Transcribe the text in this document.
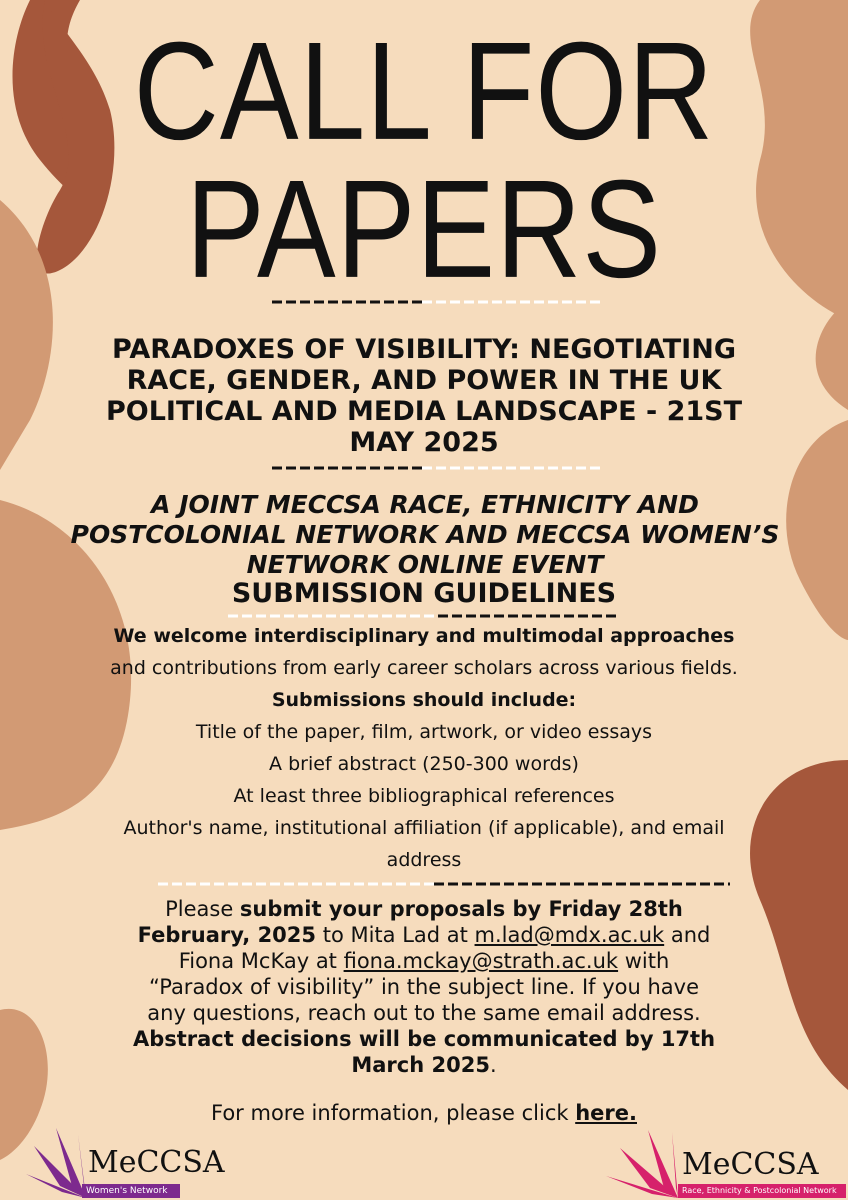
CALL FOR
PAPERS
PARADOXES OF VISIBILITY: NEGOTIATING RACE, GENDER, AND POWER IN THE UK POLITICAL AND MEDIA LANDSCAPE - 21ST MAY 2025
A JOINT MECCSA RACE, ETHNICITY AND POSTCOLONIAL NETWORK AND MECCSA WOMEN’S NETWORK ONLINE EVENT
SUBMISSION GUIDELINES
We welcome interdisciplinary and multimodal approaches and contributions from early career scholars across various fields. Submissions should include:
Title of the paper, film, artwork, or video essays
A brief abstract (250-300 words)
At least three bibliographical references
Author's name, institutional affiliation (if applicable), and email address

Please submit your proposals by Friday 28th February, 2025 to Mita Lad at m.lad@mdx.ac.uk and Fiona McKay at fiona.mckay@strath.ac.uk with “Paradox of visibility” in the subject line. If you have any questions, reach out to the same email address. Abstract decisions will be communicated by 17th March 2025.

For more information, please click here.

MeCCSA
Women's Network
MeCCSA
Race, Ethnicity & Postcolonial Network
